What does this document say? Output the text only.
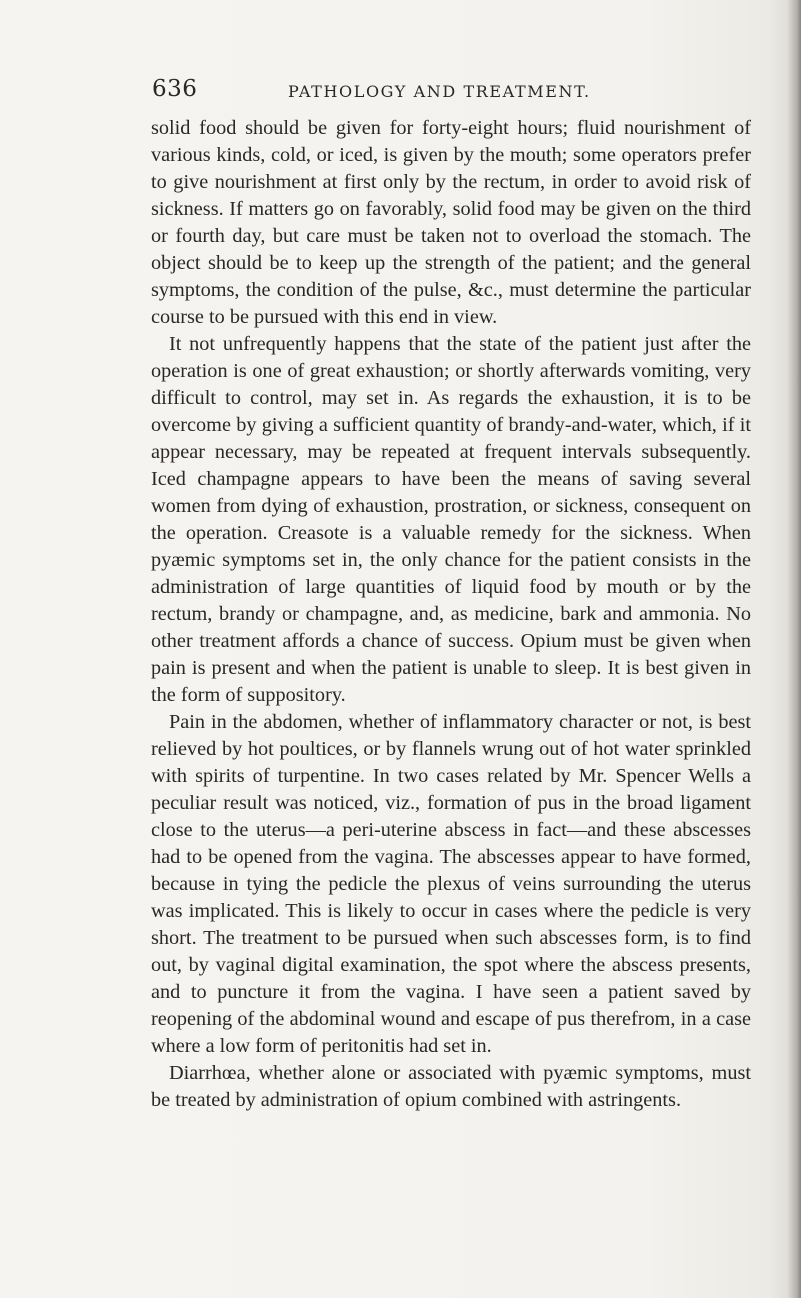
636	PATHOLOGY AND TREATMENT.

solid food should be given for forty-eight hours; fluid nourishment of various kinds, cold, or iced, is given by the mouth; some operators prefer to give nourishment at first only by the rectum, in order to avoid risk of sickness. If matters go on favorably, solid food may be given on the third or fourth day, but care must be taken not to overload the stomach. The object should be to keep up the strength of the patient; and the general symptoms, the condition of the pulse, &c., must determine the particular course to be pursued with this end in view.

It not unfrequently happens that the state of the patient just after the operation is one of great exhaustion; or shortly afterwards vomiting, very difficult to control, may set in. As regards the exhaustion, it is to be overcome by giving a sufficient quantity of brandy-and-water, which, if it appear necessary, may be repeated at frequent intervals subsequently. Iced champagne appears to have been the means of saving several women from dying of exhaustion, prostration, or sickness, consequent on the operation. Creasote is a valuable remedy for the sickness. When pyæmic symptoms set in, the only chance for the patient consists in the administration of large quantities of liquid food by mouth or by the rectum, brandy or champagne, and, as medicine, bark and ammonia. No other treatment affords a chance of success. Opium must be given when pain is present and when the patient is unable to sleep. It is best given in the form of suppository.

Pain in the abdomen, whether of inflammatory character or not, is best relieved by hot poultices, or by flannels wrung out of hot water sprinkled with spirits of turpentine. In two cases related by Mr. Spencer Wells a peculiar result was noticed, viz., formation of pus in the broad ligament close to the uterus—a peri-uterine abscess in fact—and these abscesses had to be opened from the vagina. The abscesses appear to have formed, because in tying the pedicle the plexus of veins surrounding the uterus was implicated. This is likely to occur in cases where the pedicle is very short. The treatment to be pursued when such abscesses form, is to find out, by vaginal digital examination, the spot where the abscess presents, and to puncture it from the vagina. I have seen a patient saved by reopening of the abdominal wound and escape of pus therefrom, in a case where a low form of peritonitis had set in.

Diarrhœa, whether alone or associated with pyæmic symptoms, must be treated by administration of opium combined with astringents.
